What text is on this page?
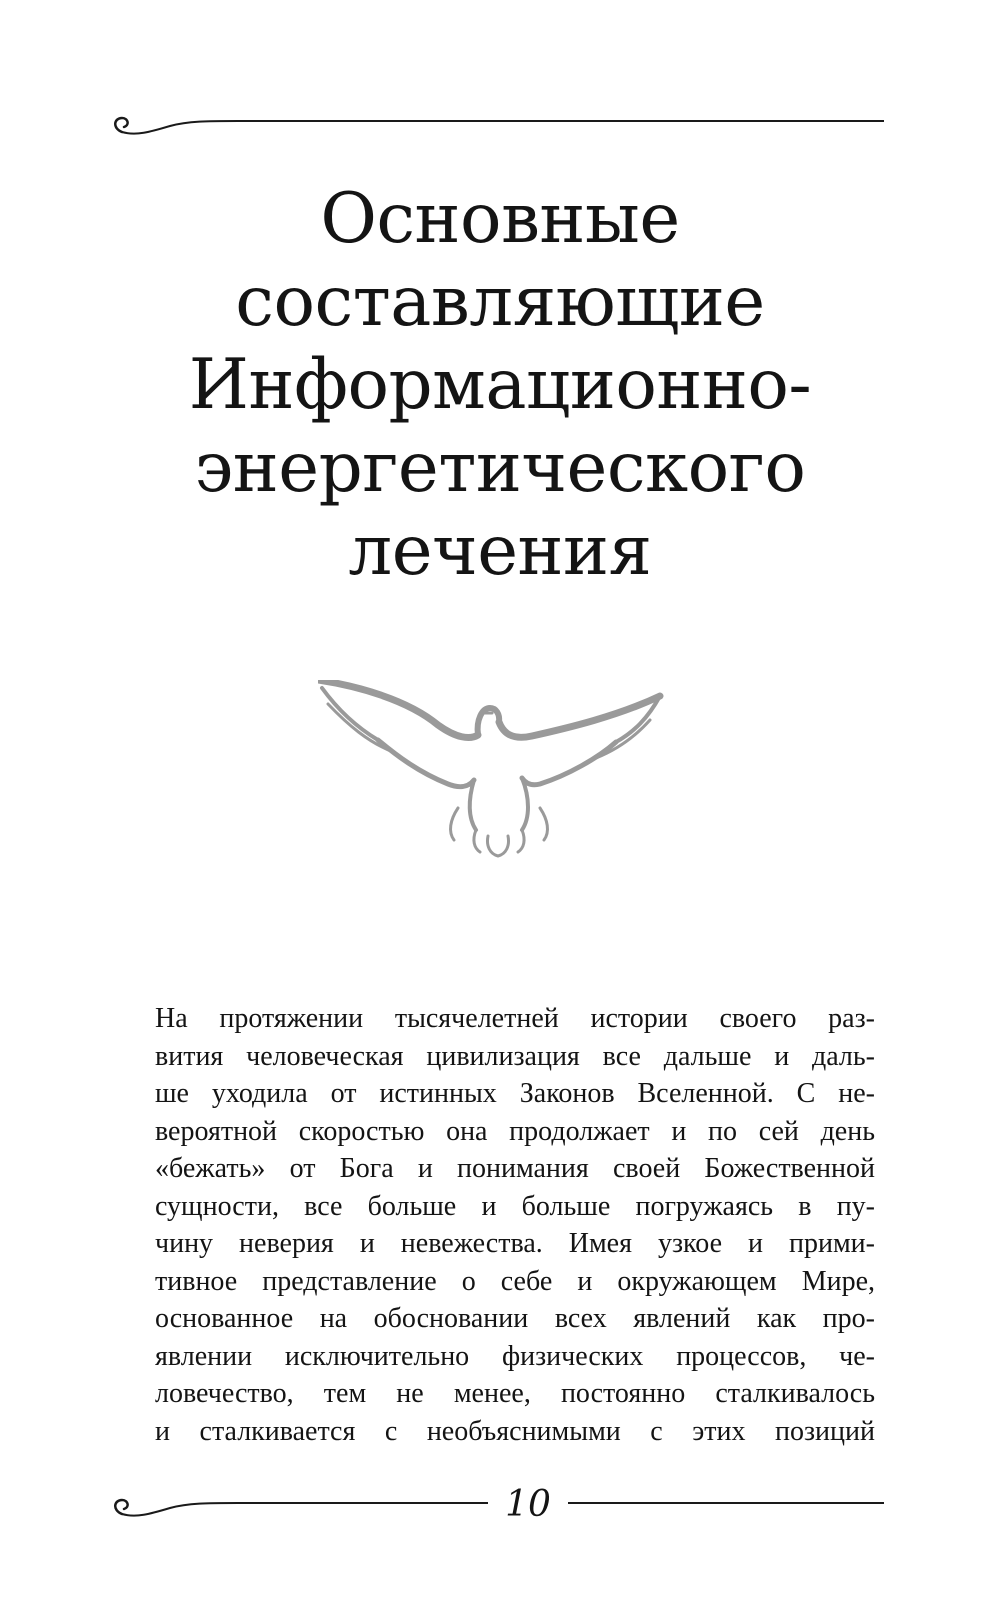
Основные
составляющие
Информационно-
энергетического
лечения
На протяжении тысячелетней истории своего раз-
вития человеческая цивилизация все дальше и даль-
ше уходила от истинных Законов Вселенной. С не-
вероятной скоростью она продолжает и по сей день
«бежать» от Бога и понимания своей Божественной
сущности, все больше и больше погружаясь в пу-
чину неверия и невежества. Имея узкое и прими-
тивное представление о себе и окружающем Мире,
основанное на обосновании всех явлений как про-
явлении исключительно физических процессов, че-
ловечество, тем не менее, постоянно сталкивалось
и сталкивается с необъяснимыми с этих позиций
10
